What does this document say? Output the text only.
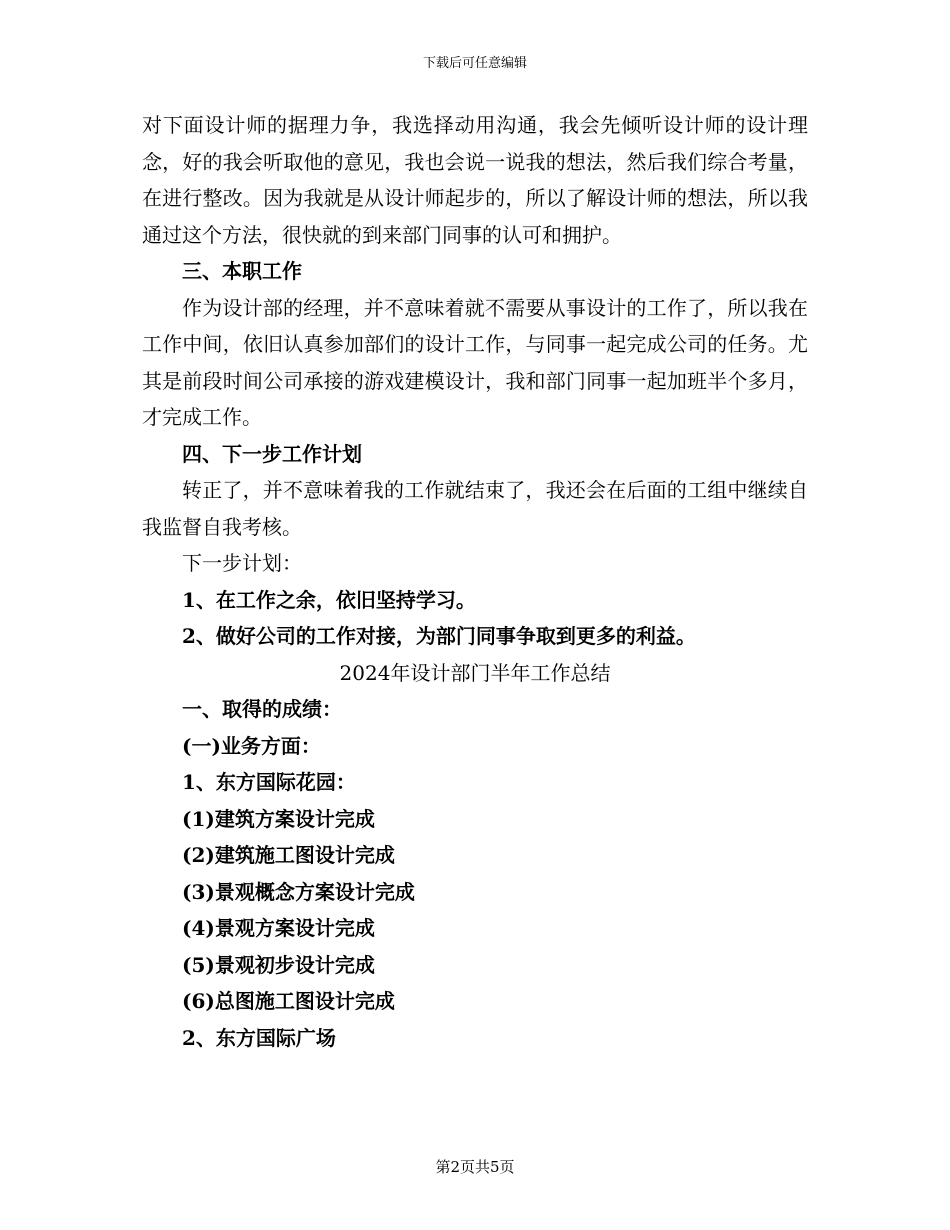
下载后可任意编辑
对下面设计师的据理力争，我选择动用沟通，我会先倾听设计师的设计理念，好的我会听取他的意见，我也会说一说我的想法，然后我们综合考量，在进行整改。因为我就是从设计师起步的，所以了解设计师的想法，所以我通过这个方法，很快就的到来部门同事的认可和拥护。
三、本职工作
作为设计部的经理，并不意味着就不需要从事设计的工作了，所以我在工作中间，依旧认真参加部们的设计工作，与同事一起完成公司的任务。尤其是前段时间公司承接的游戏建模设计，我和部门同事一起加班半个多月，才完成工作。
四、下一步工作计划
转正了，并不意味着我的工作就结束了，我还会在后面的工组中继续自我监督自我考核。
下一步计划：
1、在工作之余，依旧坚持学习。
2、做好公司的工作对接，为部门同事争取到更多的利益。
2024年设计部门半年工作总结
一、取得的成绩：
(一)业务方面：
1、东方国际花园：
(1)建筑方案设计完成
(2)建筑施工图设计完成
(3)景观概念方案设计完成
(4)景观方案设计完成
(5)景观初步设计完成
(6)总图施工图设计完成
2、东方国际广场
第2页共5页
